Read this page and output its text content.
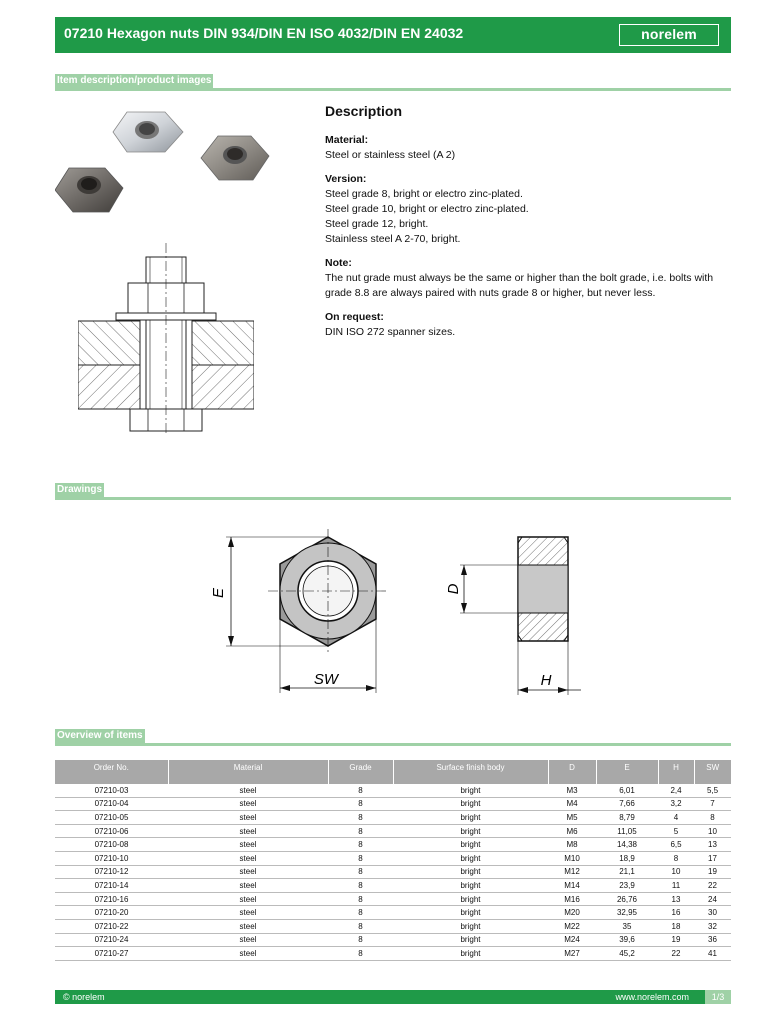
07210 Hexagon nuts DIN 934/DIN EN ISO 4032/DIN EN 24032	norelem
Item description/product images
Description
Material:

Steel or stainless steel (A 2)

Version:

Steel grade 8, bright or electro zinc-plated.
Steel grade 10, bright or electro zinc-plated.
Steel grade 12, bright.
Stainless steel A 2-70, bright.

Note:

The nut grade must always be the same or higher than the bolt grade, i.e. bolts with grade 8.8 are always paired with nuts grade 8 or higher, but never less.

On request:

DIN ISO 272 spanner sizes.

Drawings
E
SW
D
H
Overview of items
Order No.	Material	Grade	Surface finish body	D	E	H	SW
07210-03	steel	8	bright	M3	6,01	2,4	5,5
07210-04	steel	8	bright	M4	7,66	3,2	7
07210-05	steel	8	bright	M5	8,79	4	8
07210-06	steel	8	bright	M6	11,05	5	10
07210-08	steel	8	bright	M8	14,38	6,5	13
07210-10	steel	8	bright	M10	18,9	8	17
07210-12	steel	8	bright	M12	21,1	10	19
07210-14	steel	8	bright	M14	23,9	11	22
07210-16	steel	8	bright	M16	26,76	13	24
07210-20	steel	8	bright	M20	32,95	16	30
07210-22	steel	8	bright	M22	35	18	32
07210-24	steel	8	bright	M24	39,6	19	36
07210-27	steel	8	bright	M27	45,2	22	41
© norelem	www.norelem.com	1/3
